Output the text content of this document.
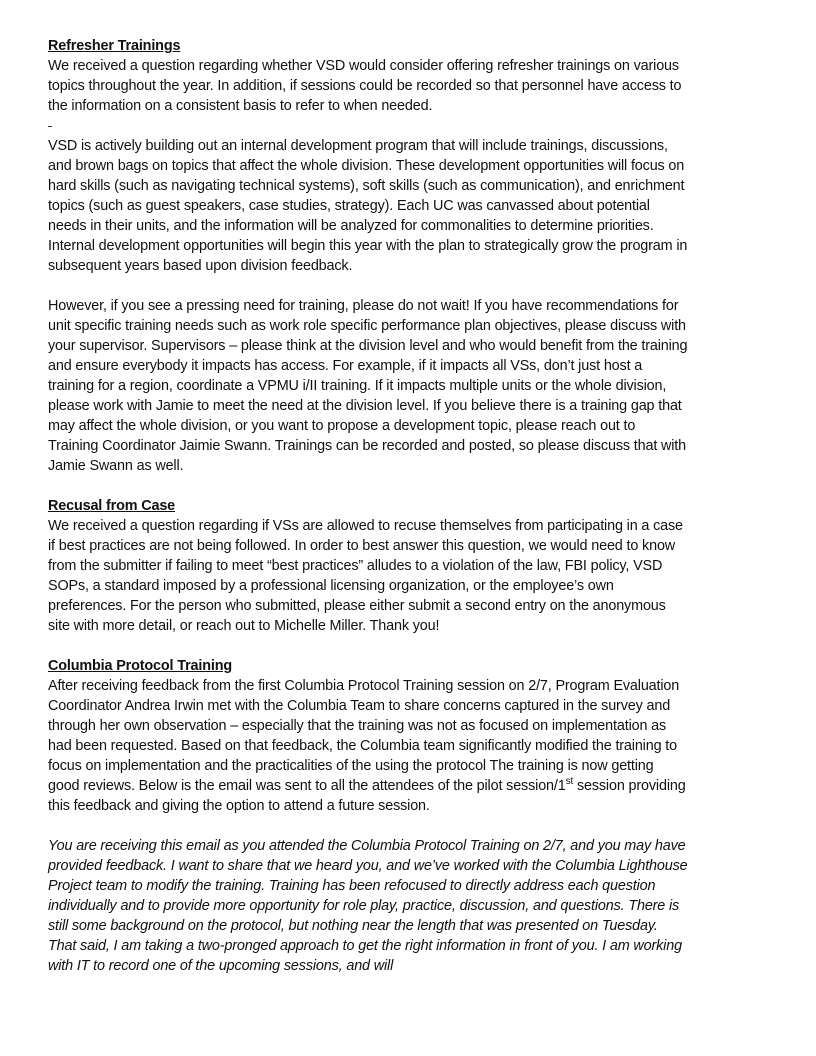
Refresher Trainings

We received a question regarding whether VSD would consider offering refresher trainings on various topics throughout the year. In addition, if sessions could be recorded so that personnel have access to the information on a consistent basis to refer to when needed.

VSD is actively building out an internal development program that will include trainings, discussions, and brown bags on topics that affect the whole division. These development opportunities will focus on hard skills (such as navigating technical systems), soft skills (such as communication), and enrichment topics (such as guest speakers, case studies, strategy). Each UC was canvassed about potential needs in their units, and the information will be analyzed for commonalities to determine priorities. Internal development opportunities will begin this year with the plan to strategically grow the program in subsequent years based upon division feedback.

However, if you see a pressing need for training, please do not wait! If you have recommendations for unit specific training needs such as work role specific performance plan objectives, please discuss with your supervisor. Supervisors – please think at the division level and who would benefit from the training and ensure everybody it impacts has access. For example, if it impacts all VSs, don’t just host a training for a region, coordinate a VPMU i/II training. If it impacts multiple units or the whole division, please work with Jamie to meet the need at the division level. If you believe there is a training gap that may affect the whole division, or you want to propose a development topic, please reach out to Training Coordinator Jaimie Swann. Trainings can be recorded and posted, so please discuss that with Jamie Swann as well.

Recusal from Case

We received a question regarding if VSs are allowed to recuse themselves from participating in a case if best practices are not being followed. In order to best answer this question, we would need to know from the submitter if failing to meet “best practices” alludes to a violation of the law, FBI policy, VSD SOPs, a standard imposed by a professional licensing organization, or the employee’s own preferences. For the person who submitted, please either submit a second entry on the anonymous site with more detail, or reach out to Michelle Miller. Thank you!

Columbia Protocol Training

After receiving feedback from the first Columbia Protocol Training session on 2/7, Program Evaluation Coordinator Andrea Irwin met with the Columbia Team to share concerns captured in the survey and through her own observation – especially that the training was not as focused on implementation as had been requested. Based on that feedback, the Columbia team significantly modified the training to focus on implementation and the practicalities of the using the protocol The training is now getting good reviews. Below is the email was sent to all the attendees of the pilot session/1st session providing this feedback and giving the option to attend a future session.

You are receiving this email as you attended the Columbia Protocol Training on 2/7, and you may have provided feedback. I want to share that we heard you, and we’ve worked with the Columbia Lighthouse Project team to modify the training. Training has been refocused to directly address each question individually and to provide more opportunity for role play, practice, discussion, and questions. There is still some background on the protocol, but nothing near the length that was presented on Tuesday. That said, I am taking a two-pronged approach to get the right information in front of you. I am working with IT to record one of the upcoming sessions, and will
